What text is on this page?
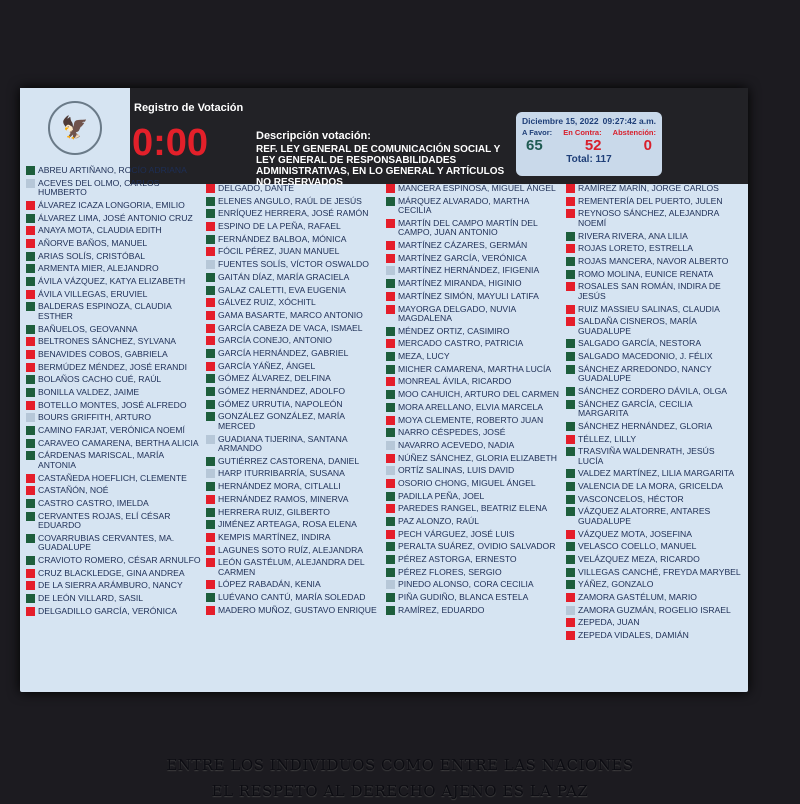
🦅
Registro de Votación
0:00	Descripción votación:
REF. LEY GENERAL DE COMUNICACIÓN SOCIAL Y LEY GENERAL DE RESPONSABILIDADES ADMINISTRATIVAS, EN LO GENERAL Y ARTÍCULOS NO RESERVADOS
Diciembre 15, 2022 09:27:42 a.m.
A Favor: En Contra: Abstención:
65	52	0
Total: 117
ABREU ARTIÑANO, ROCÍO ADRIANA
ACEVES DEL OLMO, CARLOS HUMBERTO
ÁLVAREZ ICAZA LONGORIA, EMILIO
ÁLVAREZ LIMA, JOSÉ ANTONIO CRUZ
ANAYA MOTA, CLAUDIA EDITH
AÑORVE BAÑOS, MANUEL
ARIAS SOLÍS, CRISTÓBAL
ARMENTA MIER, ALEJANDRO
ÁVILA VÁZQUEZ, KATYA ELIZABETH
ÁVILA VILLEGAS, ERUVIEL
BALDERAS ESPINOZA, CLAUDIA ESTHER
BAÑUELOS, GEOVANNA
BELTRONES SÁNCHEZ, SYLVANA
BENAVIDES COBOS, GABRIELA
BERMÚDEZ MÉNDEZ, JOSÉ ERANDI
BOLAÑOS CACHO CUÉ, RAÚL
BONILLA VALDEZ, JAIME
BOTELLO MONTES, JOSÉ ALFREDO
BOURS GRIFFITH, ARTURO
CAMINO FARJAT, VERÓNICA NOEMÍ
CARAVEO CAMARENA, BERTHA ALICIA
CÁRDENAS MARISCAL, MARÍA ANTONIA
CASTAÑEDA HOEFLICH, CLEMENTE
CASTAÑÓN, NOÉ
CASTRO CASTRO, IMELDA
CERVANTES ROJAS, ELÍ CÉSAR EDUARDO
COVARRUBIAS CERVANTES, MA. GUADALUPE
CRAVIOTO ROMERO, CÉSAR ARNULFO
CRUZ BLACKLEDGE, GINA ANDREA
DE LA SIERRA ARÁMBURO, NANCY
DE LEÓN VILLARD, SASIL
DELGADILLO GARCÍA, VERÓNICA
DELGADO, DANTE
ELENES ANGULO, RAÚL DE JESÚS
ENRÍQUEZ HERRERA, JOSÉ RAMÓN
ESPINO DE LA PEÑA, RAFAEL
FERNÁNDEZ BALBOA, MÓNICA
FÓCIL PÉREZ, JUAN MANUEL
FUENTES SOLÍS, VÍCTOR OSWALDO
GAITÁN DÍAZ, MARÍA GRACIELA
GALAZ CALETTI, EVA EUGENIA
GÁLVEZ RUIZ, XÓCHITL
GAMA BASARTE, MARCO ANTONIO
GARCÍA CABEZA DE VACA, ISMAEL
GARCÍA CONEJO, ANTONIO
GARCÍA HERNÁNDEZ, GABRIEL
GARCÍA YÁÑEZ, ÁNGEL
GÓMEZ ÁLVAREZ, DELFINA
GÓMEZ HERNÁNDEZ, ADOLFO
GÓMEZ URRUTIA, NAPOLEÓN
GONZÁLEZ GONZÁLEZ, MARÍA MERCED
GUADIANA TIJERINA, SANTANA ARMANDO
GUTIÉRREZ CASTORENA, DANIEL
HARP ITURRIBARRÍA, SUSANA
HERNÁNDEZ MORA, CITLALLI
HERNÁNDEZ RAMOS, MINERVA
HERRERA RUIZ, GILBERTO
JIMÉNEZ ARTEAGA, ROSA ELENA
KEMPIS MARTÍNEZ, INDIRA
LAGUNES SOTO RUÍZ, ALEJANDRA
LEÓN GASTÉLUM, ALEJANDRA DEL CARMEN
LÓPEZ RABADÁN, KENIA
LUÉVANO CANTÚ, MARÍA SOLEDAD
MADERO MUÑOZ, GUSTAVO ENRIQUE
MANCERA ESPINOSA, MIGUEL ÁNGEL
MÁRQUEZ ALVARADO, MARTHA CECILIA
MARTÍN DEL CAMPO MARTÍN DEL CAMPO, JUAN ANTONIO
MARTÍNEZ CÁZARES, GERMÁN
MARTÍNEZ GARCÍA, VERÓNICA
MARTÍNEZ HERNÁNDEZ, IFIGENIA
MARTÍNEZ MIRANDA, HIGINIO
MARTÍNEZ SIMÓN, MAYULI LATIFA
MAYORGA DELGADO, NUVIA MAGDALENA
MÉNDEZ ORTIZ, CASIMIRO
MERCADO CASTRO, PATRICIA
MEZA, LUCY
MICHER CAMARENA, MARTHA LUCÍA
MONREAL ÁVILA, RICARDO
MOO CAHUICH, ARTURO DEL CARMEN
MORA ARELLANO, ELVIA MARCELA
MOYA CLEMENTE, ROBERTO JUAN
NARRO CÉSPEDES, JOSÉ
NAVARRO ACEVEDO, NADIA
NÚÑEZ SÁNCHEZ, GLORIA ELIZABETH
ORTÍZ SALINAS, LUIS DAVID
OSORIO CHONG, MIGUEL ÁNGEL
PADILLA PEÑA, JOEL
PAREDES RANGEL, BEATRIZ ELENA
PAZ ALONZO, RAÚL
PECH VÁRGUEZ, JOSÉ LUIS
PERALTA SUÁREZ, OVIDIO SALVADOR
PÉREZ ASTORGA, ERNESTO
PÉREZ FLORES, SERGIO
PINEDO ALONSO, CORA CECILIA
PIÑA GUDIÑO, BLANCA ESTELA
RAMÍREZ, EDUARDO
RAMÍREZ MARÍN, JORGE CARLOS
REMENTERÍA DEL PUERTO, JULEN
REYNOSO SÁNCHEZ, ALEJANDRA NOEMÍ
RIVERA RIVERA, ANA LILIA
ROJAS LORETO, ESTRELLA
ROJAS MANCERA, NAVOR ALBERTO
ROMO MOLINA, EUNICE RENATA
ROSALES SAN ROMÁN, INDIRA DE JESÚS
RUIZ MASSIEU SALINAS, CLAUDIA
SALDAÑA CISNEROS, MARÍA GUADALUPE
SALGADO GARCÍA, NESTORA
SALGADO MACEDONIO, J. FÉLIX
SÁNCHEZ ARREDONDO, NANCY GUADALUPE
SÁNCHEZ CORDERO DÁVILA, OLGA
SÁNCHEZ GARCÍA, CECILIA MARGARITA
SÁNCHEZ HERNÁNDEZ, GLORIA
TÉLLEZ, LILLY
TRASVIÑA WALDENRATH, JESÚS LUCÍA
VALDEZ MARTÍNEZ, LILIA MARGARITA
VALENCIA DE LA MORA, GRICELDA
VASCONCELOS, HÉCTOR
VÁZQUEZ ALATORRE, ANTARES GUADALUPE
VÁZQUEZ MOTA, JOSEFINA
VELASCO COELLO, MANUEL
VELÁZQUEZ MEZA, RICARDO
VILLEGAS CANCHÉ, FREYDA MARYBEL
YÁÑEZ, GONZALO
ZAMORA GASTÉLUM, MARIO
ZAMORA GUZMÁN, ROGELIO ISRAEL
ZEPEDA, JUAN
ZEPEDA VIDALES, DAMIÁN
ENTRE LOS INDIVIDUOS COMO ENTRE LAS NACIONES
EL RESPETO AL DERECHO AJENO ES LA PAZ
